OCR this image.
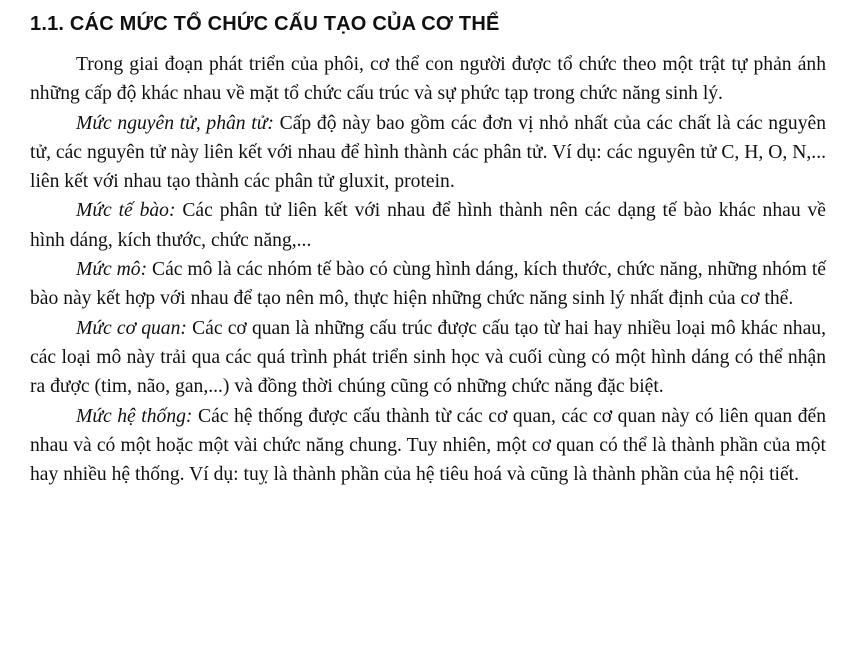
1.1. CÁC MỨC TỔ CHỨC CẤU TẠO CỦA CƠ THỂ

Trong giai đoạn phát triển của phôi, cơ thể con người được tổ chức theo một trật tự phản ánh những cấp độ khác nhau về mặt tổ chức cấu trúc và sự phức tạp trong chức năng sinh lý.

Mức nguyên tử, phân tử: Cấp độ này bao gồm các đơn vị nhỏ nhất của các chất là các nguyên tử, các nguyên tử này liên kết với nhau để hình thành các phân tử. Ví dụ: các nguyên tử C, H, O, N,... liên kết với nhau tạo thành các phân tử gluxit, protein.

Mức tế bào: Các phân tử liên kết với nhau để hình thành nên các dạng tế bào khác nhau về hình dáng, kích thước, chức năng,...

Mức mô: Các mô là các nhóm tế bào có cùng hình dáng, kích thước, chức năng, những nhóm tế bào này kết hợp với nhau để tạo nên mô, thực hiện những chức năng sinh lý nhất định của cơ thể.

Mức cơ quan: Các cơ quan là những cấu trúc được cấu tạo từ hai hay nhiều loại mô khác nhau, các loại mô này trải qua các quá trình phát triển sinh học và cuối cùng có một hình dáng có thể nhận ra được (tim, não, gan,...) và đồng thời chúng cũng có những chức năng đặc biệt.

Mức hệ thống: Các hệ thống được cấu thành từ các cơ quan, các cơ quan này có liên quan đến nhau và có một hoặc một vài chức năng chung. Tuy nhiên, một cơ quan có thể là thành phần của một hay nhiều hệ thống. Ví dụ: tuỵ là thành phần của hệ tiêu hoá và cũng là thành phần của hệ nội tiết.
